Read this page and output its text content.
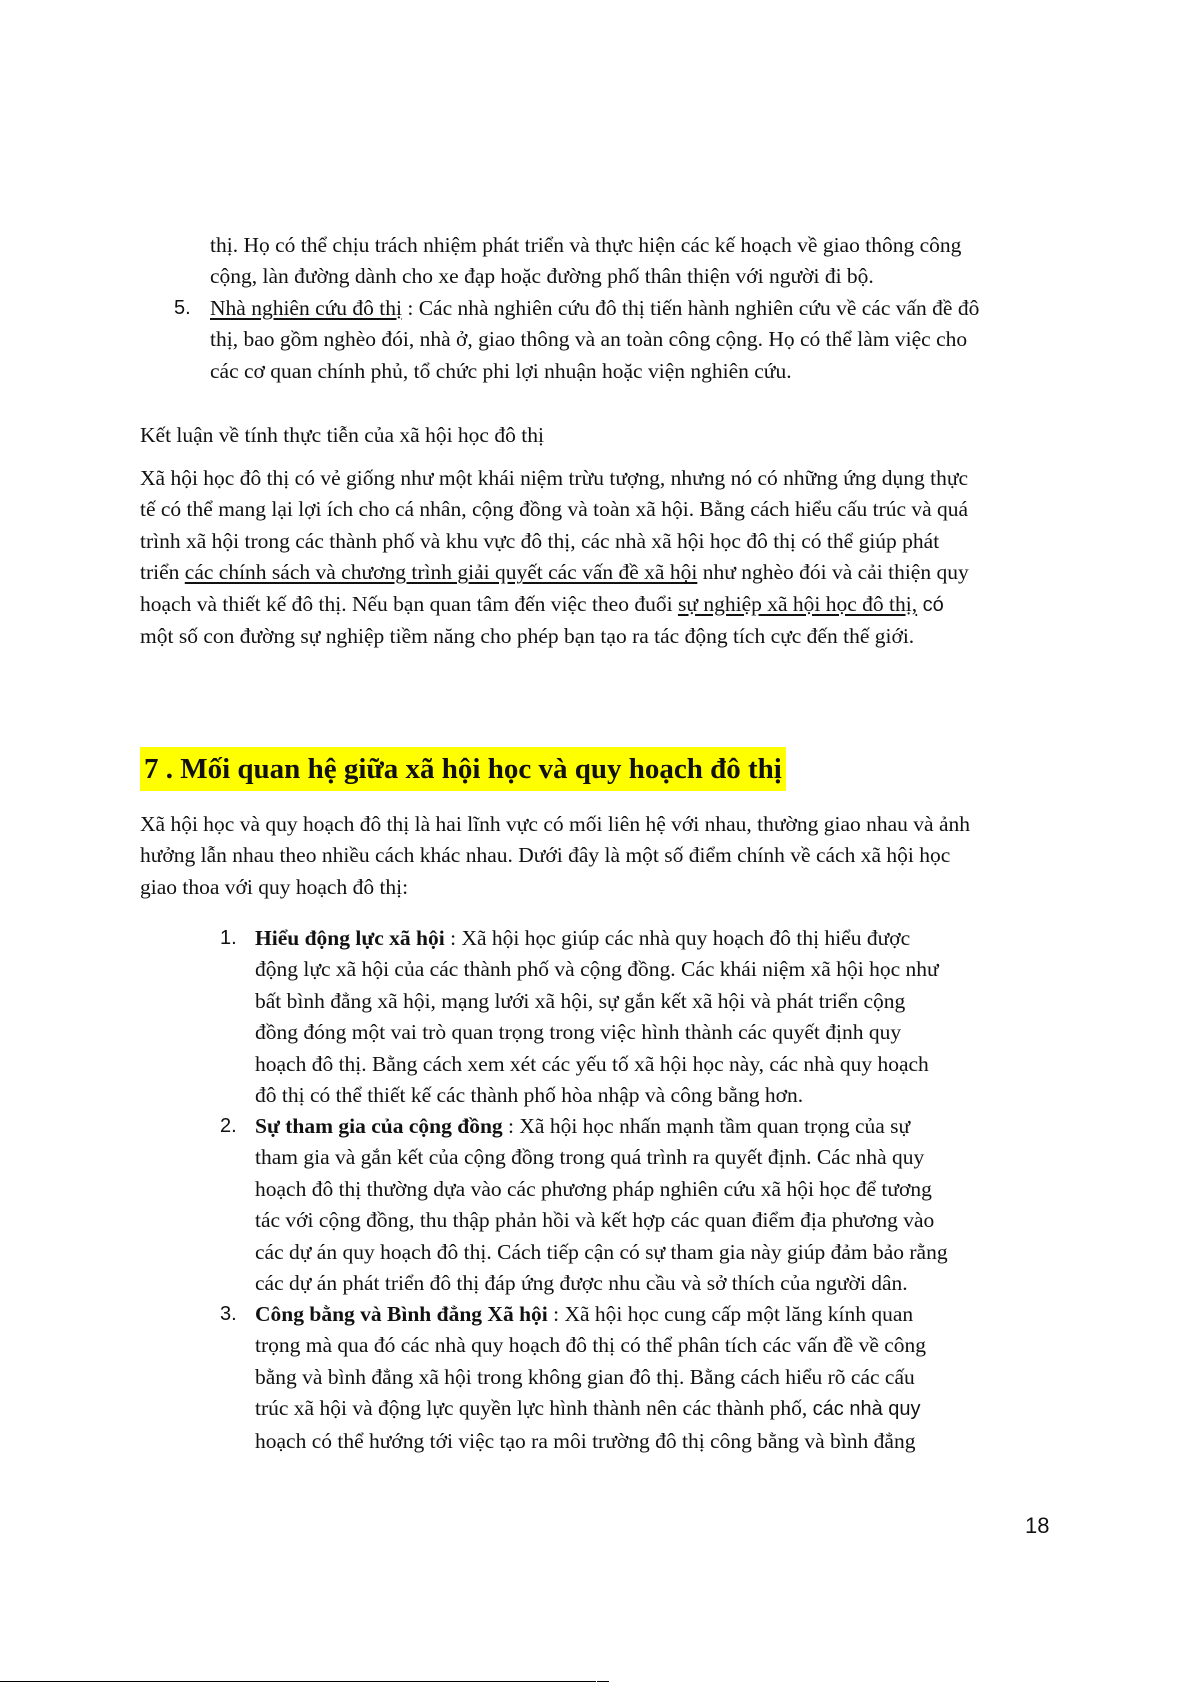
thị. Họ có thể chịu trách nhiệm phát triển và thực hiện các kế hoạch về giao thông công
cộng, làn đường dành cho xe đạp hoặc đường phố thân thiện với người đi bộ.
5. Nhà nghiên cứu đô thị : Các nhà nghiên cứu đô thị tiến hành nghiên cứu về các vấn đề đô
thị, bao gồm nghèo đói, nhà ở, giao thông và an toàn công cộng. Họ có thể làm việc cho
các cơ quan chính phủ, tổ chức phi lợi nhuận hoặc viện nghiên cứu.
Kết luận về tính thực tiễn của xã hội học đô thị
Xã hội học đô thị có vẻ giống như một khái niệm trừu tượng, nhưng nó có những ứng dụng thực
tế có thể mang lại lợi ích cho cá nhân, cộng đồng và toàn xã hội. Bằng cách hiểu cấu trúc và quá
trình xã hội trong các thành phố và khu vực đô thị, các nhà xã hội học đô thị có thể giúp phát
triển các chính sách và chương trình giải quyết các vấn đề xã hội như nghèo đói và cải thiện quy
hoạch và thiết kế đô thị. Nếu bạn quan tâm đến việc theo đuổi sự nghiệp xã hội học đô thị, có
một số con đường sự nghiệp tiềm năng cho phép bạn tạo ra tác động tích cực đến thế giới.
7 . Mối quan hệ giữa xã hội học và quy hoạch đô thị
Xã hội học và quy hoạch đô thị là hai lĩnh vực có mối liên hệ với nhau, thường giao nhau và ảnh
hưởng lẫn nhau theo nhiều cách khác nhau. Dưới đây là một số điểm chính về cách xã hội học
giao thoa với quy hoạch đô thị:
1. Hiểu động lực xã hội : Xã hội học giúp các nhà quy hoạch đô thị hiểu được
động lực xã hội của các thành phố và cộng đồng. Các khái niệm xã hội học như
bất bình đẳng xã hội, mạng lưới xã hội, sự gắn kết xã hội và phát triển cộng
đồng đóng một vai trò quan trọng trong việc hình thành các quyết định quy
hoạch đô thị. Bằng cách xem xét các yếu tố xã hội học này, các nhà quy hoạch
đô thị có thể thiết kế các thành phố hòa nhập và công bằng hơn.
2. Sự tham gia của cộng đồng : Xã hội học nhấn mạnh tầm quan trọng của sự
tham gia và gắn kết của cộng đồng trong quá trình ra quyết định. Các nhà quy
hoạch đô thị thường dựa vào các phương pháp nghiên cứu xã hội học để tương
tác với cộng đồng, thu thập phản hồi và kết hợp các quan điểm địa phương vào
các dự án quy hoạch đô thị. Cách tiếp cận có sự tham gia này giúp đảm bảo rằng
các dự án phát triển đô thị đáp ứng được nhu cầu và sở thích của người dân.
3. Công bằng và Bình đẳng Xã hội : Xã hội học cung cấp một lăng kính quan
trọng mà qua đó các nhà quy hoạch đô thị có thể phân tích các vấn đề về công
bằng và bình đẳng xã hội trong không gian đô thị. Bằng cách hiểu rõ các cấu
trúc xã hội và động lực quyền lực hình thành nên các thành phố, các nhà quy
hoạch có thể hướng tới việc tạo ra môi trường đô thị công bằng và bình đẳng
18
